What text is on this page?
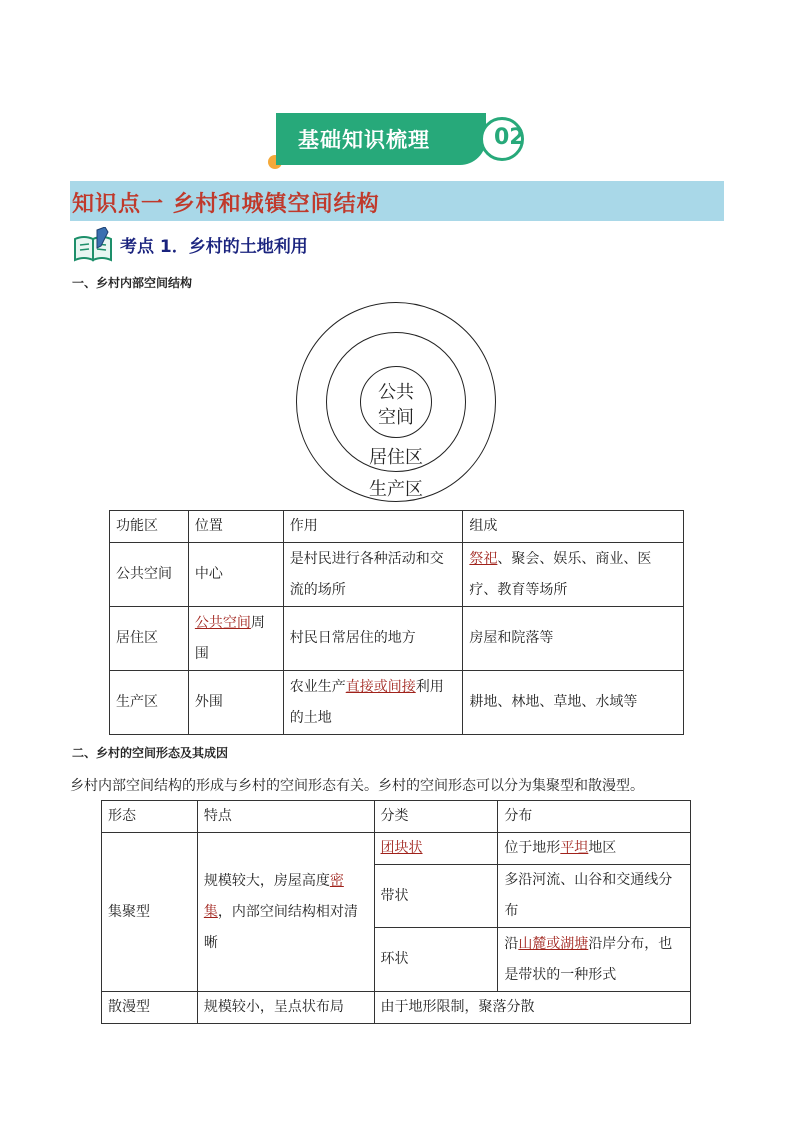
基础知识梳理	02
知识点一 乡村和城镇空间结构
考点 1．乡村的土地利用
一、乡村内部空间结构
公共
空间
居住区
生产区
功能区	位置	作用	组成
公共空间	中心	是村民进行各种活动和交流的场所	祭祀、聚会、娱乐、商业、医疗、教育等场所
居住区	公共空间周围	村民日常居住的地方	房屋和院落等
生产区	外围	农业生产直接或间接利用的土地	耕地、林地、草地、水域等
二、乡村的空间形态及其成因
乡村内部空间结构的形成与乡村的空间形态有关。乡村的空间形态可以分为集聚型和散漫型。
形态	特点	分类	分布
集聚型	规模较大，房屋高度密集，内部空间结构相对清晰	团块状	位于地形平坦地区
		带状	多沿河流、山谷和交通线分布
		环状	沿山麓或湖塘沿岸分布，也是带状的一种形式
散漫型	规模较小，呈点状布局	由于地形限制，聚落分散	
